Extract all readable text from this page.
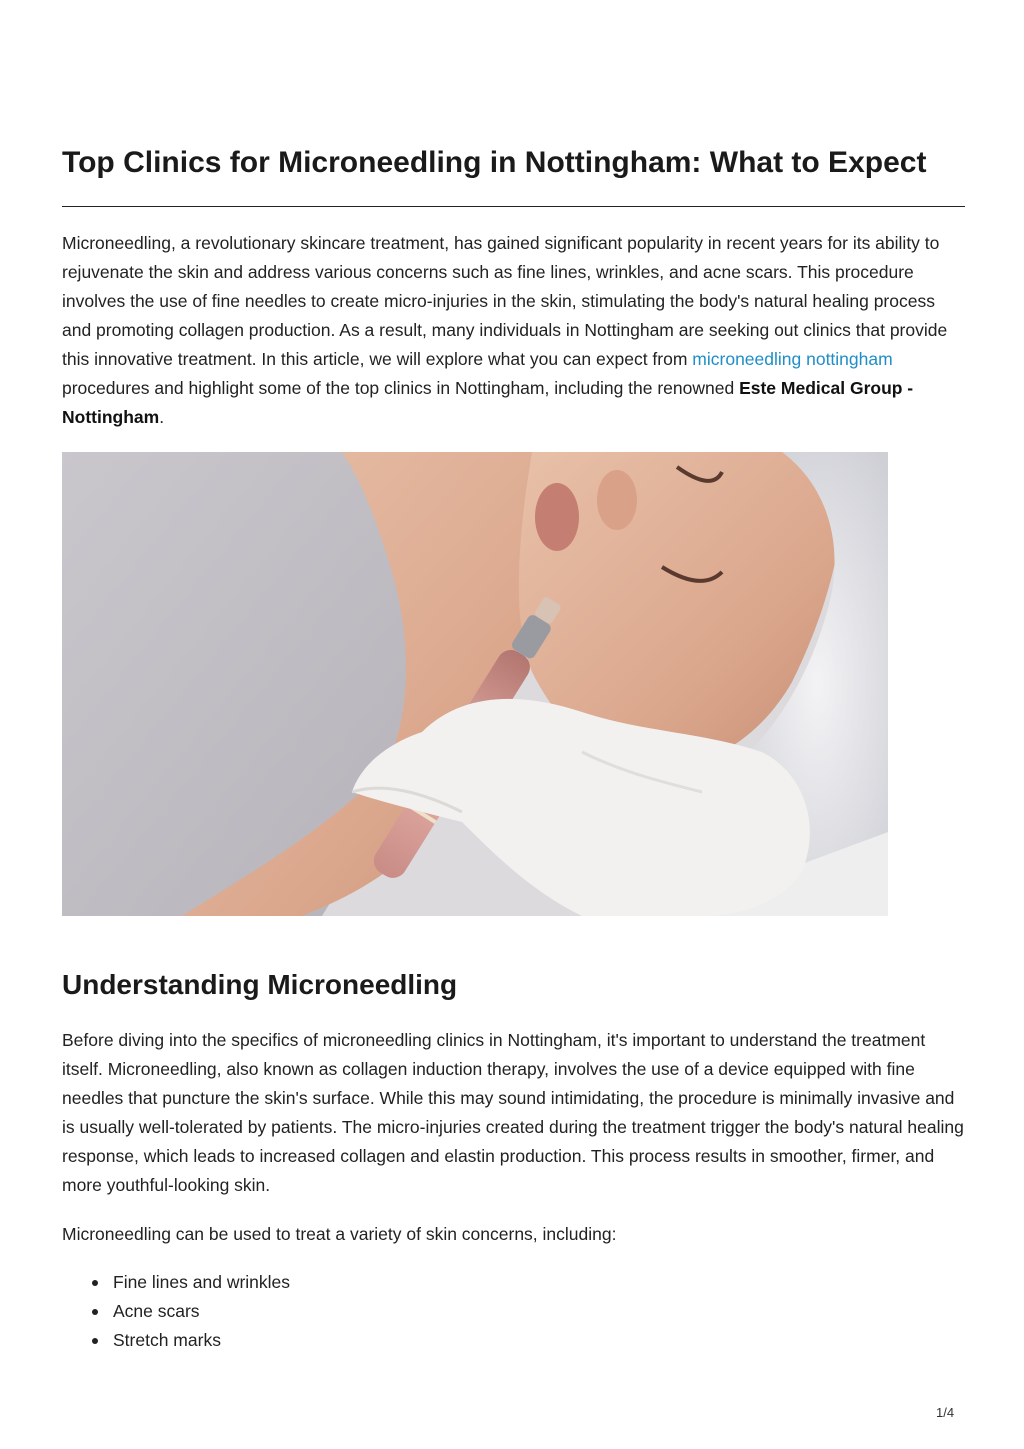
Top Clinics for Microneedling in Nottingham: What to Expect

Microneedling, a revolutionary skincare treatment, has gained significant popularity in recent years for its ability to rejuvenate the skin and address various concerns such as fine lines, wrinkles, and acne scars. This procedure involves the use of fine needles to create micro-injuries in the skin, stimulating the body's natural healing process and promoting collagen production. As a result, many individuals in Nottingham are seeking out clinics that provide this innovative treatment. In this article, we will explore what you can expect from microneedling nottingham procedures and highlight some of the top clinics in Nottingham, including the renowned Este Medical Group - Nottingham.

Understanding Microneedling

Before diving into the specifics of microneedling clinics in Nottingham, it's important to understand the treatment itself. Microneedling, also known as collagen induction therapy, involves the use of a device equipped with fine needles that puncture the skin's surface. While this may sound intimidating, the procedure is minimally invasive and is usually well-tolerated by patients. The micro-injuries created during the treatment trigger the body's natural healing response, which leads to increased collagen and elastin production. This process results in smoother, firmer, and more youthful-looking skin.

Microneedling can be used to treat a variety of skin concerns, including:

Fine lines and wrinkles
Acne scars
Stretch marks
1/4
